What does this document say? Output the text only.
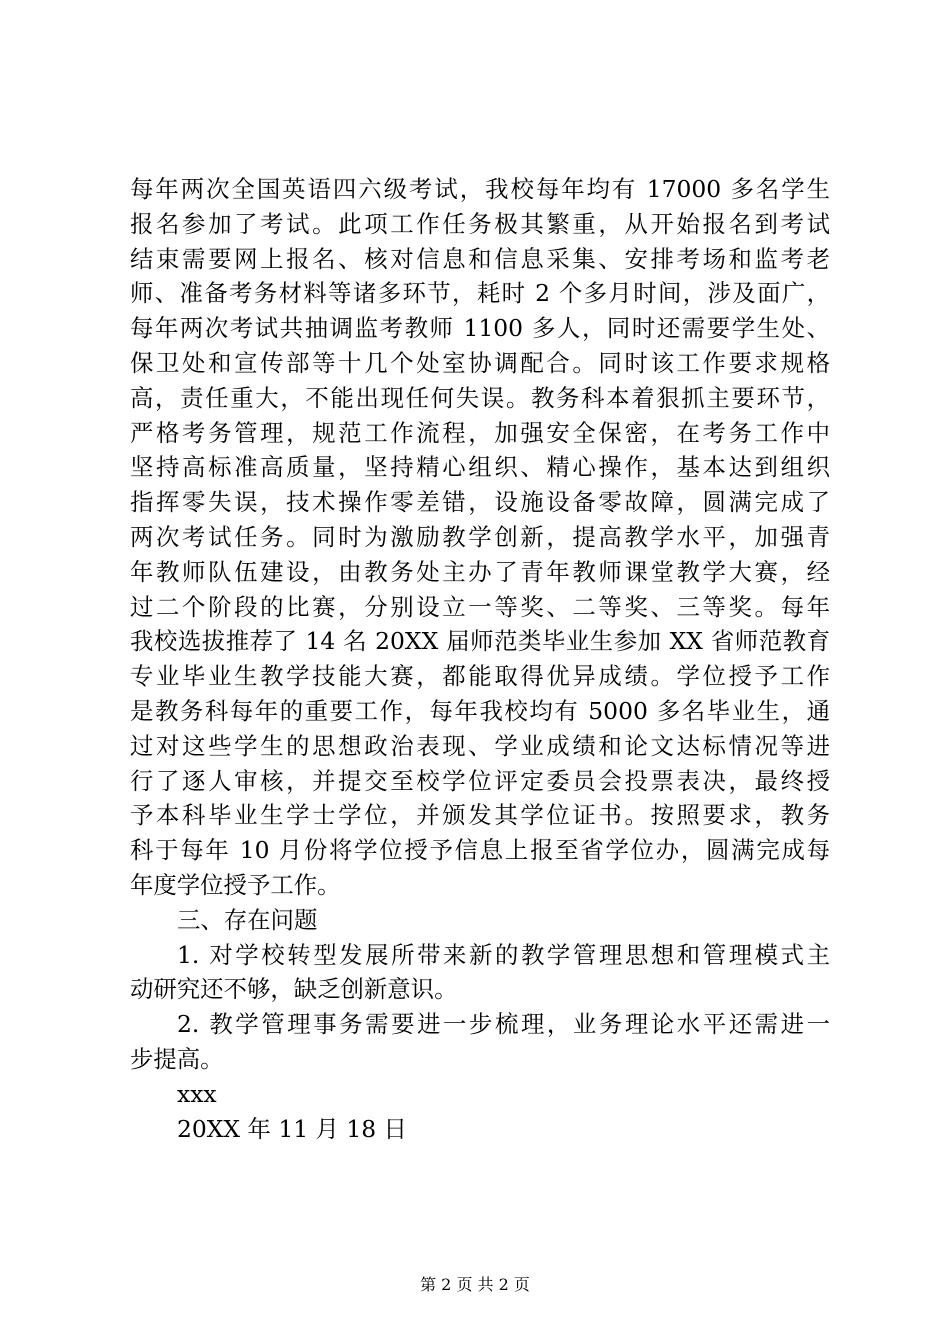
每年两次全国英语四六级考试，我校每年均有 17000 多名学生
报名参加了考试。此项工作任务极其繁重，从开始报名到考试
结束需要网上报名、核对信息和信息采集、安排考场和监考老
师、准备考务材料等诸多环节，耗时 2 个多月时间，涉及面广，
每年两次考试共抽调监考教师 1100 多人，同时还需要学生处、
保卫处和宣传部等十几个处室协调配合。同时该工作要求规格
高，责任重大，不能出现任何失误。教务科本着狠抓主要环节，
严格考务管理，规范工作流程，加强安全保密，在考务工作中
坚持高标准高质量，坚持精心组织、精心操作，基本达到组织
指挥零失误，技术操作零差错，设施设备零故障，圆满完成了
两次考试任务。同时为激励教学创新，提高教学水平，加强青
年教师队伍建设，由教务处主办了青年教师课堂教学大赛，经
过二个阶段的比赛，分别设立一等奖、二等奖、三等奖。每年
我校选拔推荐了 14 名 20XX 届师范类毕业生参加 XX 省师范教育
专业毕业生教学技能大赛，都能取得优异成绩。学位授予工作
是教务科每年的重要工作，每年我校均有 5000 多名毕业生，通
过对这些学生的思想政治表现、学业成绩和论文达标情况等进
行了逐人审核，并提交至校学位评定委员会投票表决，最终授
予本科毕业生学士学位，并颁发其学位证书。按照要求，教务
科于每年 10 月份将学位授予信息上报至省学位办，圆满完成每
年度学位授予工作。
三、存在问题
1. 对学校转型发展所带来新的教学管理思想和管理模式主
动研究还不够，缺乏创新意识。
2. 教学管理事务需要进一步梳理，业务理论水平还需进一
步提高。
xxx
20XX 年 11 月 18 日
第 2 页 共 2 页
